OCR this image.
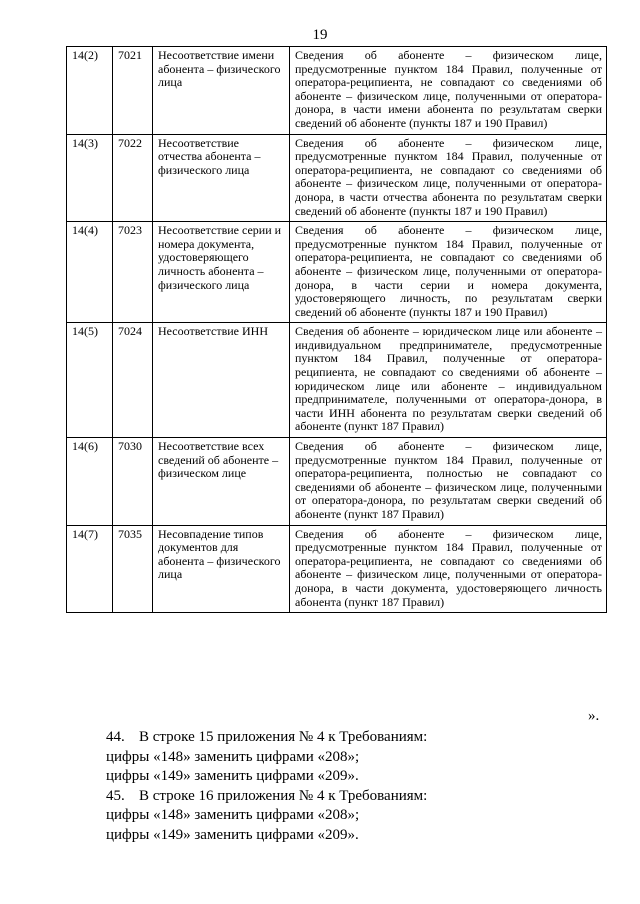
19
14(2)	7021	Несоответствие имени абонента – физического лица	Сведения об абоненте – физическом лице, предусмотренные пунктом 184 Правил, полученные от оператора-реципиента, не совпадают со сведениями об абоненте – физическом лице, полученными от оператора-донора, в части имени абонента по результатам сверки сведений об абоненте (пункты 187 и 190 Правил)
14(3)	7022	Несоответствие отчества абонента – физического лица	Сведения об абоненте – физическом лице, предусмотренные пунктом 184 Правил, полученные от оператора-реципиента, не совпадают со сведениями об абоненте – физическом лице, полученными от оператора-донора, в части отчества абонента по результатам сверки сведений об абоненте (пункты 187 и 190 Правил)
14(4)	7023	Несоответствие серии и номера документа, удостоверяющего личность абонента – физического лица	Сведения об абоненте – физическом лице, предусмотренные пунктом 184 Правил, полученные от оператора-реципиента, не совпадают со сведениями об абоненте – физическом лице, полученными от оператора-донора, в части серии и номера документа, удостоверяющего личность, по результатам сверки сведений об абоненте (пункты 187 и 190 Правил)
14(5)	7024	Несоответствие ИНН	Сведения об абоненте – юридическом лице или абоненте – индивидуальном предпринимателе, предусмотренные пунктом 184 Правил, полученные от оператора-реципиента, не совпадают со сведениями об абоненте – юридическом лице или абоненте – индивидуальном предпринимателе, полученными от оператора-донора, в части ИНН абонента по результатам сверки сведений об абоненте (пункт 187 Правил)
14(6)	7030	Несоответствие всех сведений об абоненте – физическом лице	Сведения об абоненте – физическом лице, предусмотренные пунктом 184 Правил, полученные от оператора-реципиента, полностью не совпадают со сведениями об абоненте – физическом лице, полученными от оператора-донора, по результатам сверки сведений об абоненте (пункт 187 Правил)
14(7)	7035	Несовпадение типов документов для абонента – физического лица	Сведения об абоненте – физическом лице, предусмотренные пунктом 184 Правил, полученные от оператора-реципиента, не совпадают со сведениями об абоненте – физическом лице, полученными от оператора-донора, в части документа, удостоверяющего личность абонента (пункт 187 Правил)
».

44. В строке 15 приложения № 4 к Требованиям:

цифры «148» заменить цифрами «208»;

цифры «149» заменить цифрами «209».

45. В строке 16 приложения № 4 к Требованиям:

цифры «148» заменить цифрами «208»;

цифры «149» заменить цифрами «209».
